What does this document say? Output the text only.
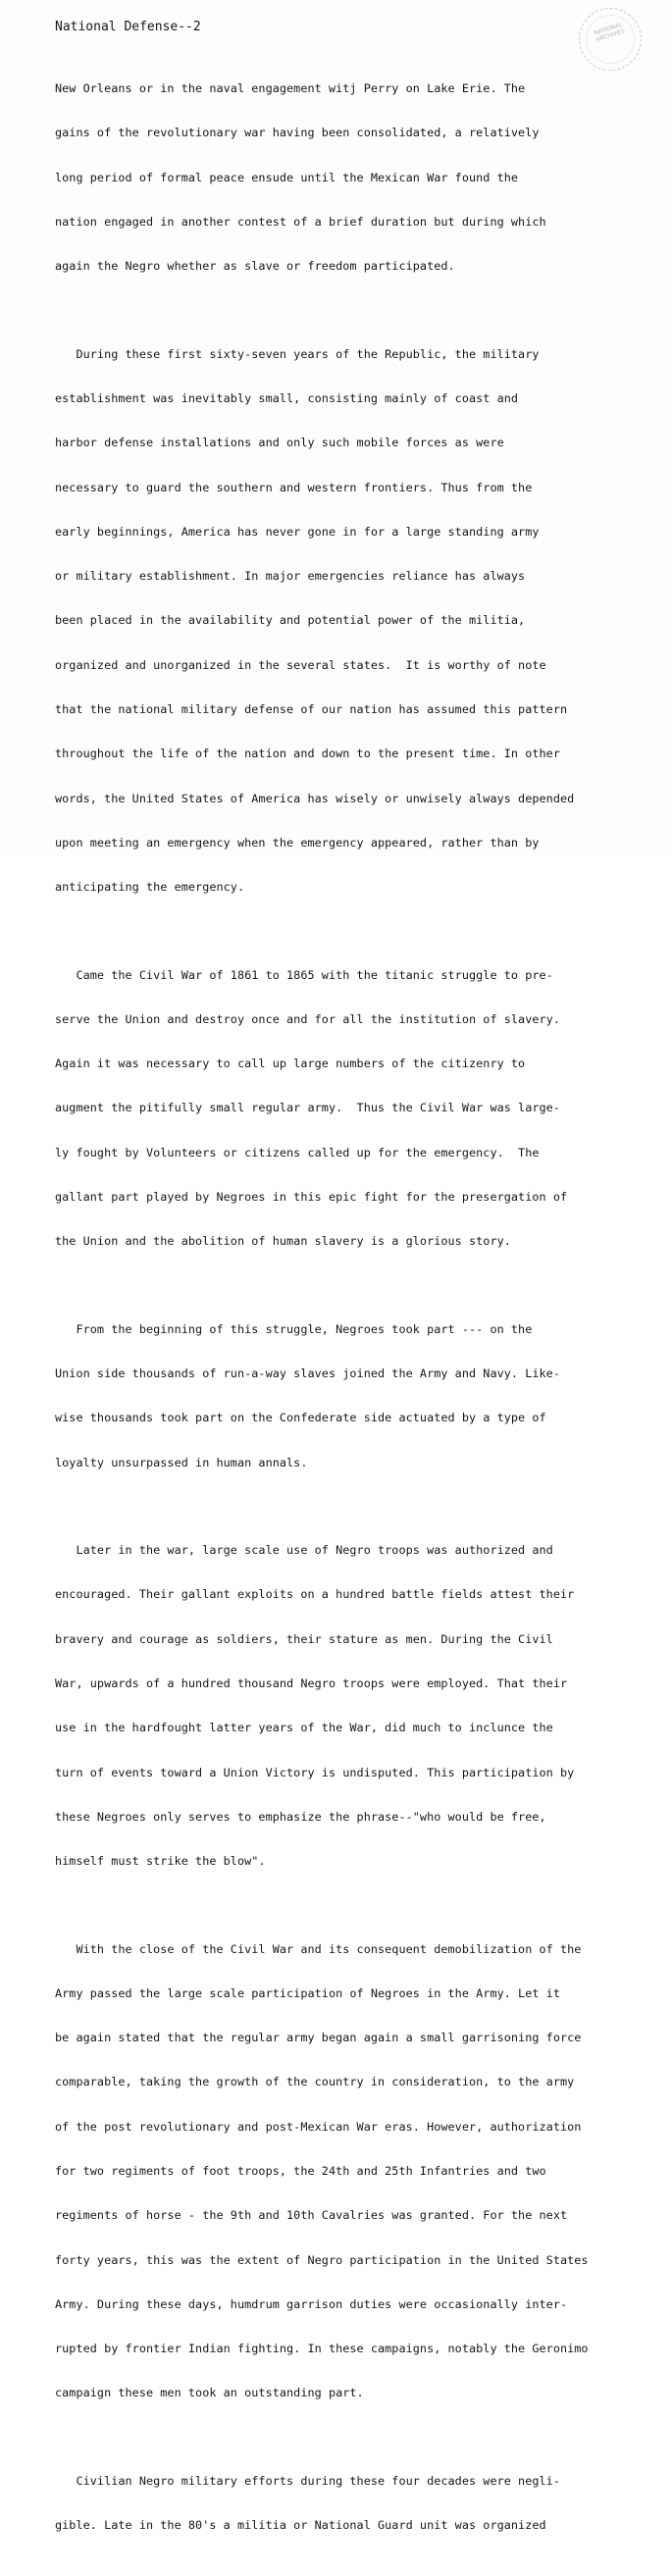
NATIONAL ARCHIVES
National Defense--2

New Orleans or in the naval engagement witj Perry on Lake Erie. The

gains of the revolutionary war having been consolidated, a relatively

long period of formal peace ensude until the Mexican War found the

nation engaged in another contest of a brief duration but during which

again the Negro whether as slave or freedom participated.

During these first sixty-seven years of the Republic, the military

establishment was inevitably small, consisting mainly of coast and

harbor defense installations and only such mobile forces as were

necessary to guard the southern and western frontiers. Thus from the

early beginnings, America has never gone in for a large standing army

or military establishment. In major emergencies reliance has always

been placed in the availability and potential power of the militia,

organized and unorganized in the several states.  It is worthy of note

that the national military defense of our nation has assumed this pattern

throughout the life of the nation and down to the present time. In other

words, the United States of America has wisely or unwisely always depended

upon meeting an emergency when the emergency appeared, rather than by

anticipating the emergency.

Came the Civil War of 1861 to 1865 with the titanic struggle to pre-

serve the Union and destroy once and for all the institution of slavery.

Again it was necessary to call up large numbers of the citizenry to

augment the pitifully small regular army.  Thus the Civil War was large-

ly fought by Volunteers or citizens called up for the emergency.  The

gallant part played by Negroes in this epic fight for the presergation of

the Union and the abolition of human slavery is a glorious story.

From the beginning of this struggle, Negroes took part --- on the

Union side thousands of run-a-way slaves joined the Army and Navy. Like-

wise thousands took part on the Confederate side actuated by a type of

loyalty unsurpassed in human annals.

Later in the war, large scale use of Negro troops was authorized and

encouraged. Their gallant exploits on a hundred battle fields attest their

bravery and courage as soldiers, their stature as men. During the Civil

War, upwards of a hundred thousand Negro troops were employed. That their

use in the hardfought latter years of the War, did much to inclunce the

turn of events toward a Union Victory is undisputed. This participation by

these Negroes only serves to emphasize the phrase--"who would be free,

himself must strike the blow".

With the close of the Civil War and its consequent demobilization of the

Army passed the large scale participation of Negroes in the Army. Let it

be again stated that the regular army began again a small garrisoning force

comparable, taking the growth of the country in consideration, to the army

of the post revolutionary and post-Mexican War eras. However, authorization

for two regiments of foot troops, the 24th and 25th Infantries and two

regiments of horse - the 9th and 10th Cavalries was granted. For the next

forty years, this was the extent of Negro participation in the United States

Army. During these days, humdrum garrison duties were occasionally inter-

rupted by frontier Indian fighting. In these campaigns, notably the Geronimo

campaign these men took an outstanding part.

Civilian Negro military efforts during these four decades were negli-

gible. Late in the 80's a militia or National Guard unit was organized
